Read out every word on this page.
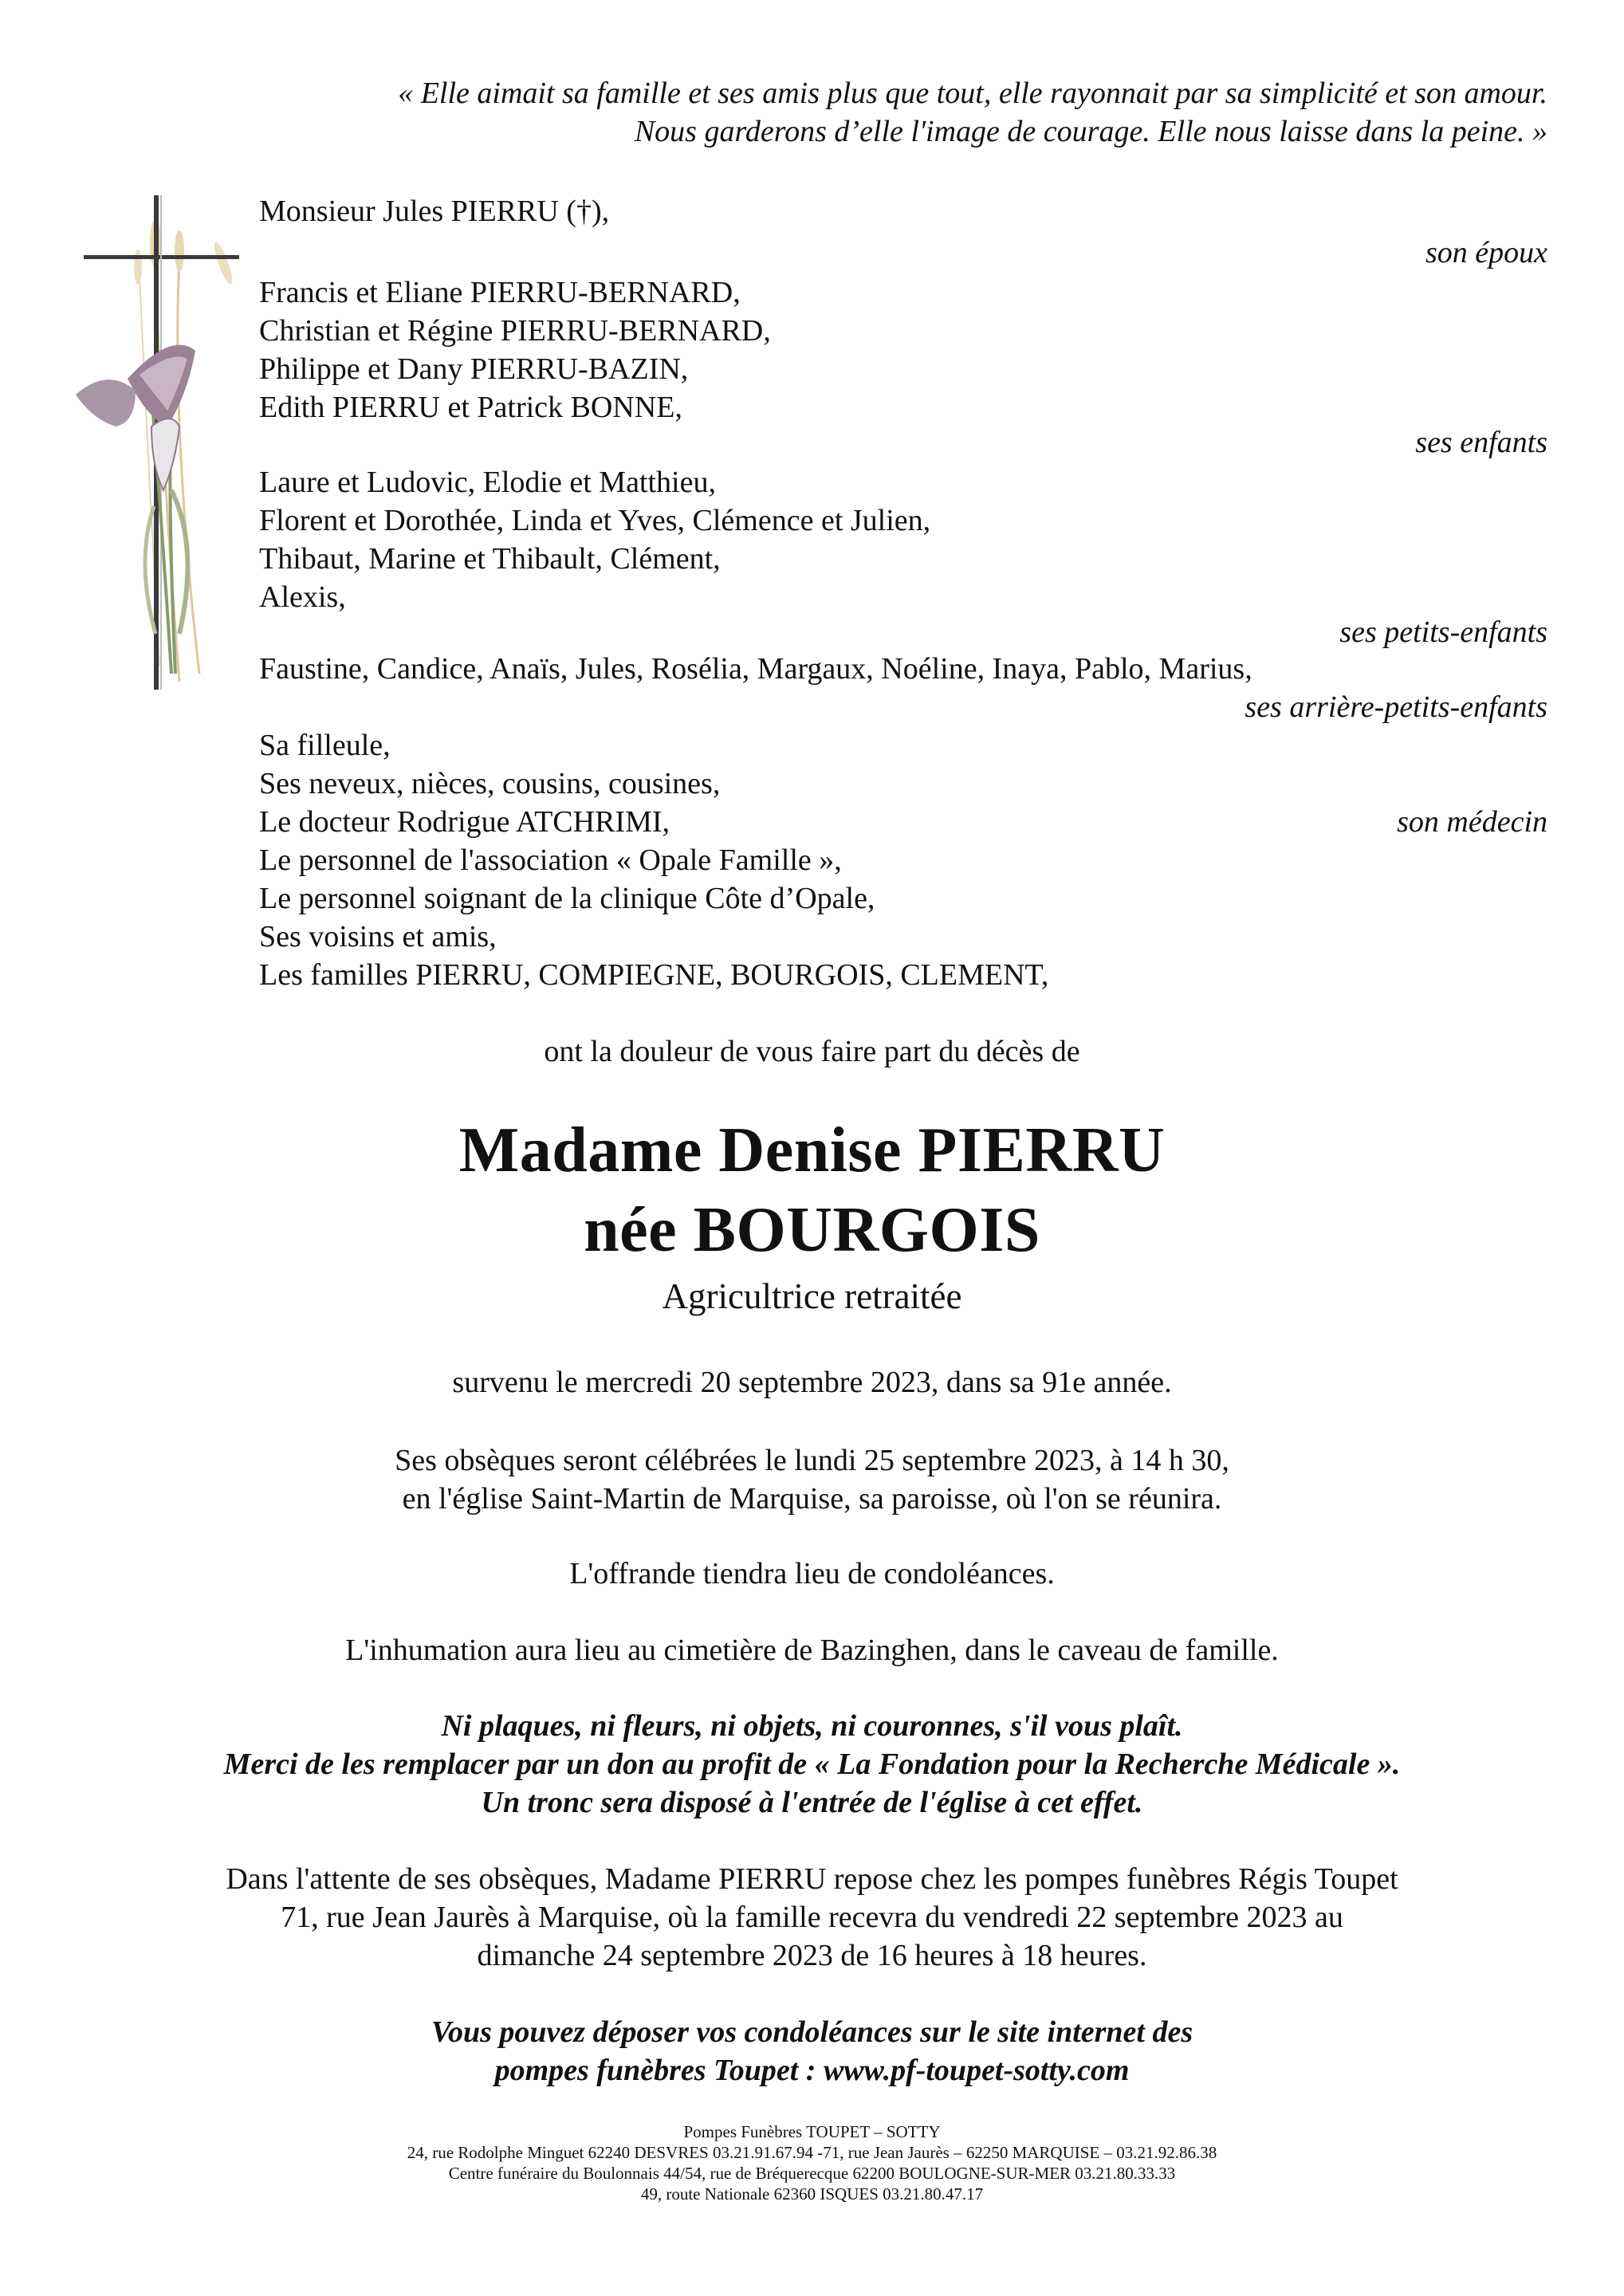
« Elle aimait sa famille et ses amis plus que tout, elle rayonnait par sa simplicité et son amour.
Nous garderons d’elle l'image de courage. Elle nous laisse dans la peine. »
Monsieur Jules PIERRU (†),
son époux
Francis et Eliane PIERRU-BERNARD,
Christian et Régine PIERRU-BERNARD,
Philippe et Dany PIERRU-BAZIN,
Edith PIERRU et Patrick BONNE,
ses enfants
Laure et Ludovic, Elodie et Matthieu,
Florent et Dorothée, Linda et Yves, Clémence et Julien,
Thibaut, Marine et Thibault, Clément,
Alexis,
ses petits-enfants
Faustine, Candice, Anaïs, Jules, Rosélia, Margaux, Noéline, Inaya, Pablo, Marius,
ses arrière-petits-enfants
Sa filleule,
Ses neveux, nièces, cousins, cousines,
Le docteur Rodrigue ATCHRIMI,	son médecin
Le personnel de l'association « Opale Famille »,
Le personnel soignant de la clinique Côte d’Opale,
Ses voisins et amis,
Les familles PIERRU, COMPIEGNE, BOURGOIS, CLEMENT,
ont la douleur de vous faire part du décès de
Madame Denise PIERRU
née BOURGOIS
Agricultrice retraitée
survenu le mercredi 20 septembre 2023, dans sa 91e année.
Ses obsèques seront célébrées le lundi 25 septembre 2023, à 14 h 30,
en l'église Saint-Martin de Marquise, sa paroisse, où l'on se réunira.
L'offrande tiendra lieu de condoléances.
L'inhumation aura lieu au cimetière de Bazinghen, dans le caveau de famille.
Ni plaques, ni fleurs, ni objets, ni couronnes, s'il vous plaît.
Merci de les remplacer par un don au profit de « La Fondation pour la Recherche Médicale ».
Un tronc sera disposé à l'entrée de l'église à cet effet.
Dans l'attente de ses obsèques, Madame PIERRU repose chez les pompes funèbres Régis Toupet
71, rue Jean Jaurès à Marquise, où la famille recevra du vendredi 22 septembre 2023 au
dimanche 24 septembre 2023 de 16 heures à 18 heures.
Vous pouvez déposer vos condoléances sur le site internet des
pompes funèbres Toupet : www.pf-toupet-sotty.com
Pompes Funèbres TOUPET – SOTTY
24, rue Rodolphe Minguet 62240 DESVRES 03.21.91.67.94 -71, rue Jean Jaurès – 62250 MARQUISE – 03.21.92.86.38
Centre funéraire du Boulonnais 44/54, rue de Bréquerecque 62200 BOULOGNE-SUR-MER 03.21.80.33.33
49, route Nationale 62360 ISQUES 03.21.80.47.17
